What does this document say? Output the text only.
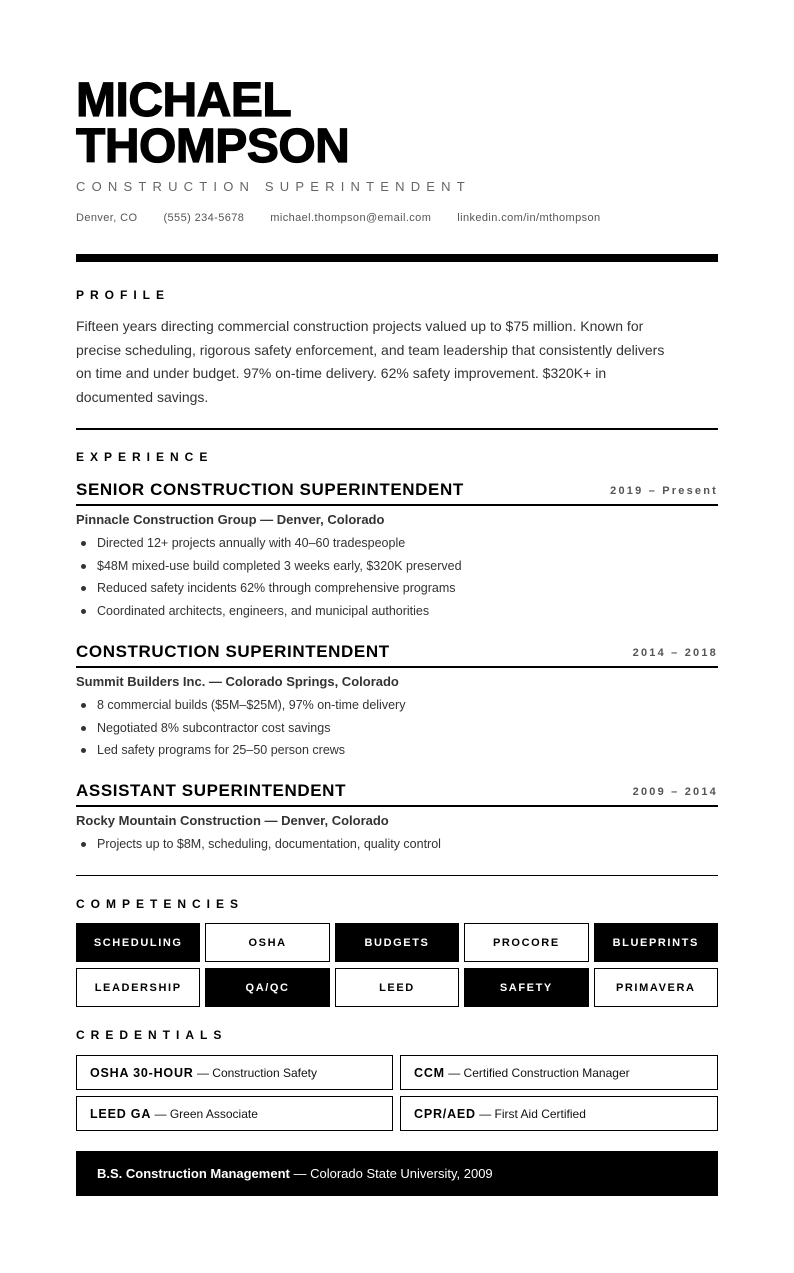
MICHAEL
THOMPSON
CONSTRUCTION SUPERINTENDENT
Denver, CO (555) 234-5678 michael.thompson@email.com linkedin.com/in/mthompson
PROFILE

Fifteen years directing commercial construction projects valued up to $75 million. Known for precise scheduling, rigorous safety enforcement, and team leadership that consistently delivers on time and under budget. 97% on-time delivery. 62% safety improvement. $320K+ in documented savings.

EXPERIENCE
SENIOR CONSTRUCTION SUPERINTENDENT	2019 – Present
Pinnacle Construction Group — Denver, Colorado
Directed 12+ projects annually with 40–60 tradespeople
$48M mixed-use build completed 3 weeks early, $320K preserved
Reduced safety incidents 62% through comprehensive programs
Coordinated architects, engineers, and municipal authorities
CONSTRUCTION SUPERINTENDENT	2014 – 2018
Summit Builders Inc. — Colorado Springs, Colorado
8 commercial builds ($5M–$25M), 97% on-time delivery
Negotiated 8% subcontractor cost savings
Led safety programs for 25–50 person crews
ASSISTANT SUPERINTENDENT	2009 – 2014
Rocky Mountain Construction — Denver, Colorado
Projects up to $8M, scheduling, documentation, quality control
COMPETENCIES
SCHEDULING	OSHA	BUDGETS	PROCORE	BLUEPRINTS
LEADERSHIP	QA/QC	LEED	SAFETY	PRIMAVERA
CREDENTIALS
OSHA 30-HOUR — Construction Safety	CCM — Certified Construction Manager
LEED GA — Green Associate	CPR/AED — First Aid Certified
B.S. Construction Management — Colorado State University, 2009
